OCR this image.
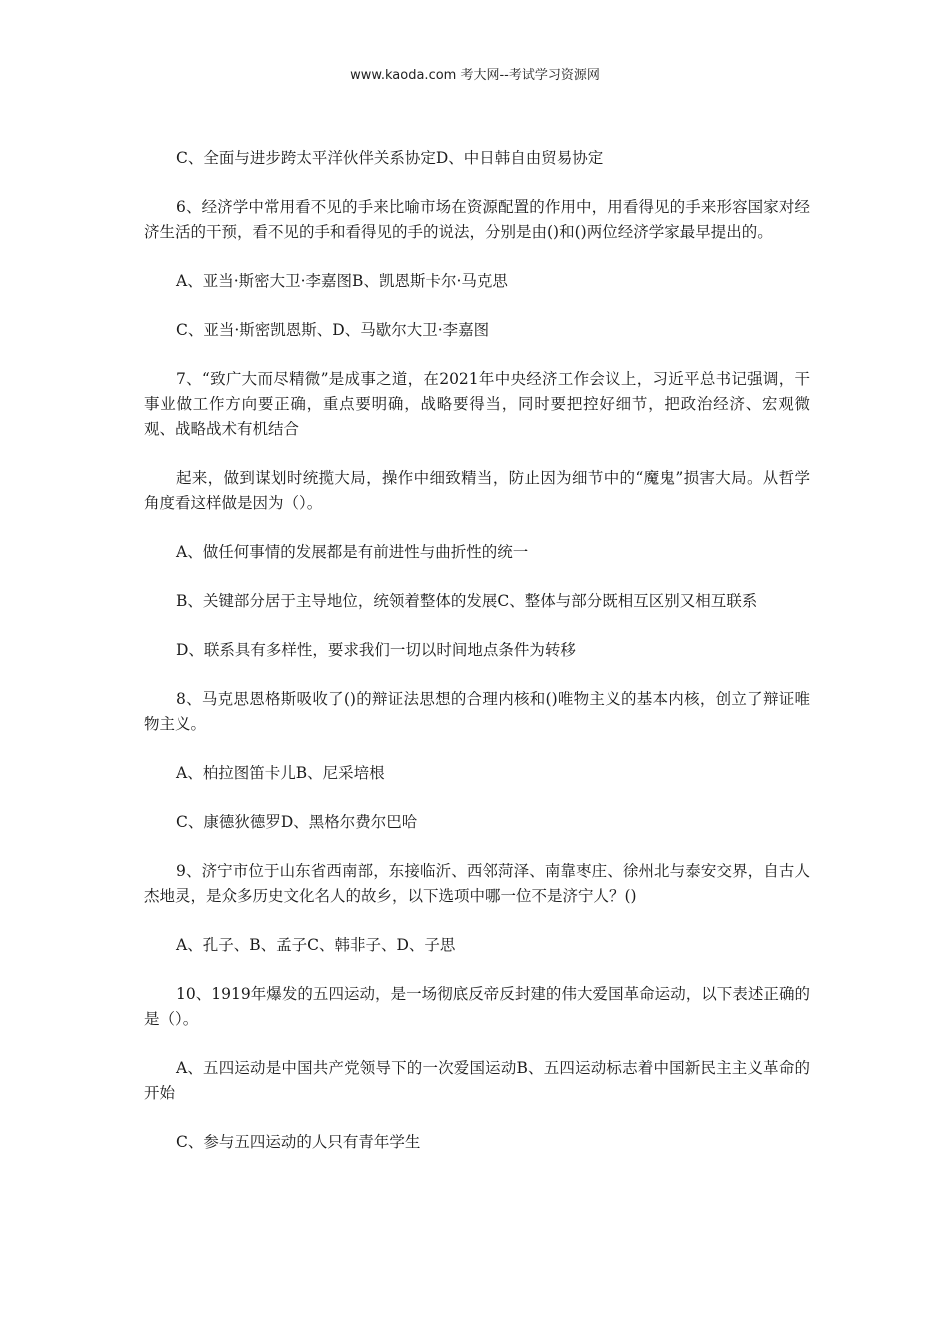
www.kaoda.com 考大网--考试学习资源网

C、全面与进步跨太平洋伙伴关系协定D、中日韩自由贸易协定

6、经济学中常用看不见的手来比喻市场在资源配置的作用中，用看得见的手来形容国家对经济生活的干预，看不见的手和看得见的手的说法，分别是由()和()两位经济学家最早提出的。

A、亚当·斯密大卫·李嘉图B、凯恩斯卡尔·马克思

C、亚当·斯密凯恩斯、D、马歇尔大卫·李嘉图

7、“致广大而尽精微”是成事之道，在2021年中央经济工作会议上，习近平总书记强调，干事业做工作方向要正确，重点要明确，战略要得当，同时要把控好细节，把政治经济、宏观微观、战略战术有机结合

起来，做到谋划时统揽大局，操作中细致精当，防止因为细节中的“魔鬼”损害大局。从哲学角度看这样做是因为（）。

A、做任何事情的发展都是有前进性与曲折性的统一

B、关键部分居于主导地位，统领着整体的发展C、整体与部分既相互区别又相互联系

D、联系具有多样性，要求我们一切以时间地点条件为转移

8、马克思恩格斯吸收了()的辩证法思想的合理内核和()唯物主义的基本内核，创立了辩证唯物主义。

A、柏拉图笛卡儿B、尼采培根

C、康德狄德罗D、黑格尔费尔巴哈

9、济宁市位于山东省西南部，东接临沂、西邻菏泽、南靠枣庄、徐州北与泰安交界，自古人杰地灵，是众多历史文化名人的故乡，以下选项中哪一位不是济宁人？()

A、孔子、B、孟子C、韩非子、D、子思

10、1919年爆发的五四运动，是一场彻底反帝反封建的伟大爱国革命运动，以下表述正确的是（）。

A、五四运动是中国共产党领导下的一次爱国运动B、五四运动标志着中国新民主主义革命的开始

C、参与五四运动的人只有青年学生
